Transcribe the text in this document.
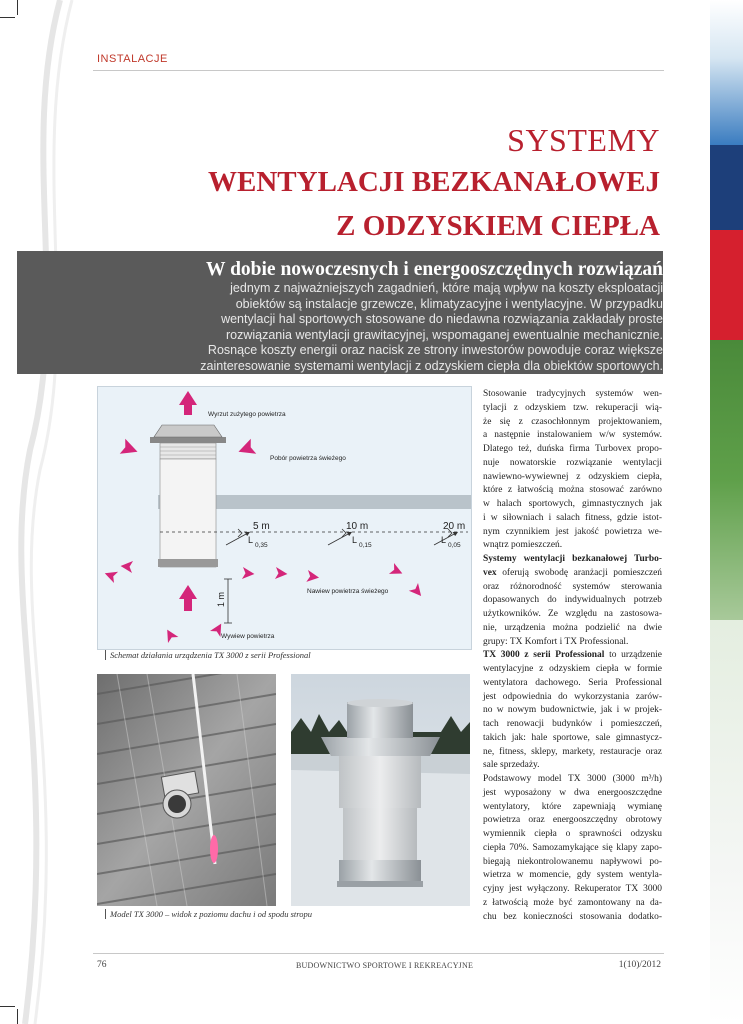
INSTALACJE
SYSTEMY
WENTYLACJI BEZKANAŁOWEJ
Z ODZYSKIEM CIEPŁA
W dobie nowoczesnych i energooszczędnych rozwiązań
jednym z najważniejszych zagadnień, które mają wpływ na koszty eksploatacji
obiektów są instalacje grzewcze, klimatyzacyjne i wentylacyjne. W przypadku
wentylacji hal sportowych stosowane do niedawna rozwiązania zakładały proste
rozwiązania wentylacji grawitacyjnej, wspomaganej ewentualnie mechanicznie.
Rosnące koszty energii oraz nacisk ze strony inwestorów powoduje coraz większe
zainteresowanie systemami wentylacji z odzyskiem ciepła dla obiektów sportowych.
5 m	10 m	20 m
L
0,35
L
0,15
L
0,05
1 m
Wyrzut zużytego powietrza
Pobór powietrza świeżego
Nawiew powietrza świeżego
Wywiew powietrza
Schemat działania urządzenia TX 3000 z serii Professional
Model TX 3000 – widok z poziomu dachu i od spodu stropu
Stosowanie tradycyjnych systemów wen-
tylacji z odzyskiem tzw. rekuperacji wią-
że się z czasochłonnym projektowaniem,
a następnie instalowaniem w/w systemów.
Dlatego też, duńska firma Turbovex propo-
nuje nowatorskie rozwiązanie wentylacji
nawiewno-wywiewnej z odzyskiem ciepła,
które z łatwością można stosować zarówno
w halach sportowych, gimnastycznych jak
i w siłowniach i salach fitness, gdzie istot-
nym czynnikiem jest jakość powietrza we-
wnątrz pomieszczeń.
Systemy wentylacji bezkanałowej Turbo-
vex oferują swobodę aranżacji pomieszczeń
oraz różnorodność systemów sterowania
dopasowanych do indywidualnych potrzeb
użytkowników. Ze względu na zastosowa-
nie, urządzenia można podzielić na dwie
grupy: TX Komfort i TX Professional.
TX 3000 z serii Professional to urządzenie
wentylacyjne z odzyskiem ciepła w formie
wentylatora dachowego. Seria Professional
jest odpowiednia do wykorzystania zarów-
no w nowym budownictwie, jak i w projek-
tach renowacji budynków i pomieszczeń,
takich jak: hale sportowe, sale gimnastycz-
ne, fitness, sklepy, markety, restauracje oraz
sale sprzedaży.
Podstawowy model TX 3000 (3000 m³/h)
jest wyposażony w dwa energooszczędne
wentylatory, które zapewniają wymianę
powietrza oraz energooszczędny obrotowy
wymiennik ciepła o sprawności odzysku
ciepła 70%. Samozamykające się klapy zapo-
biegają niekontrolowanemu napływowi po-
wietrza w momencie, gdy system wentyla-
cyjny jest wyłączony. Rekuperator TX 3000
z łatwością może być zamontowany na da-
chu bez konieczności stosowania dodatko-
76	BUDOWNICTWO SPORTOWE I REKREACYJNE	1(10)/2012
